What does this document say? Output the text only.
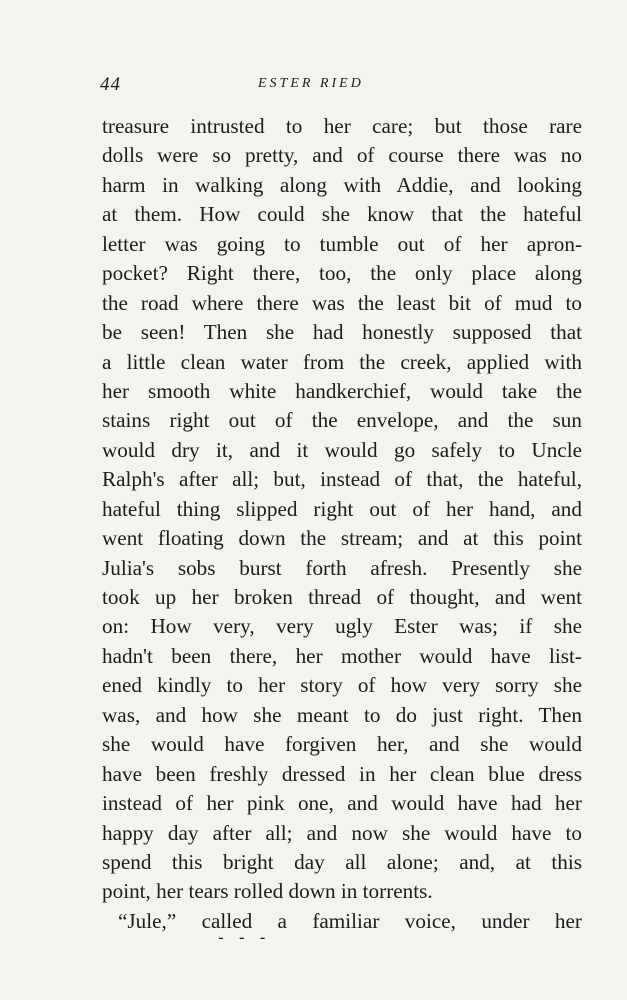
44	ESTER RIED
treasure intrusted to her care; but those rare
dolls were so pretty, and of course there was no
harm in walking along with Addie, and looking
at them. How could she know that the hateful
letter was going to tumble out of her apron-
pocket? Right there, too, the only place along
the road where there was the least bit of mud to
be seen! Then she had honestly supposed that
a little clean water from the creek, applied with
her smooth white handkerchief, would take the
stains right out of the envelope, and the sun
would dry it, and it would go safely to Uncle
Ralph's after all; but, instead of that, the hateful,
hateful thing slipped right out of her hand, and
went floating down the stream; and at this point
Julia's sobs burst forth afresh. Presently she
took up her broken thread of thought, and went
on: How very, very ugly Ester was; if she
hadn't been there, her mother would have list-
ened kindly to her story of how very sorry she
was, and how she meant to do just right. Then
she would have forgiven her, and she would
have been freshly dressed in her clean blue dress
instead of her pink one, and would have had her
happy day after all; and now she would have to
spend this bright day all alone; and, at this
point, her tears rolled down in torrents.
“Jule,” called a familiar voice, under her
- - -
